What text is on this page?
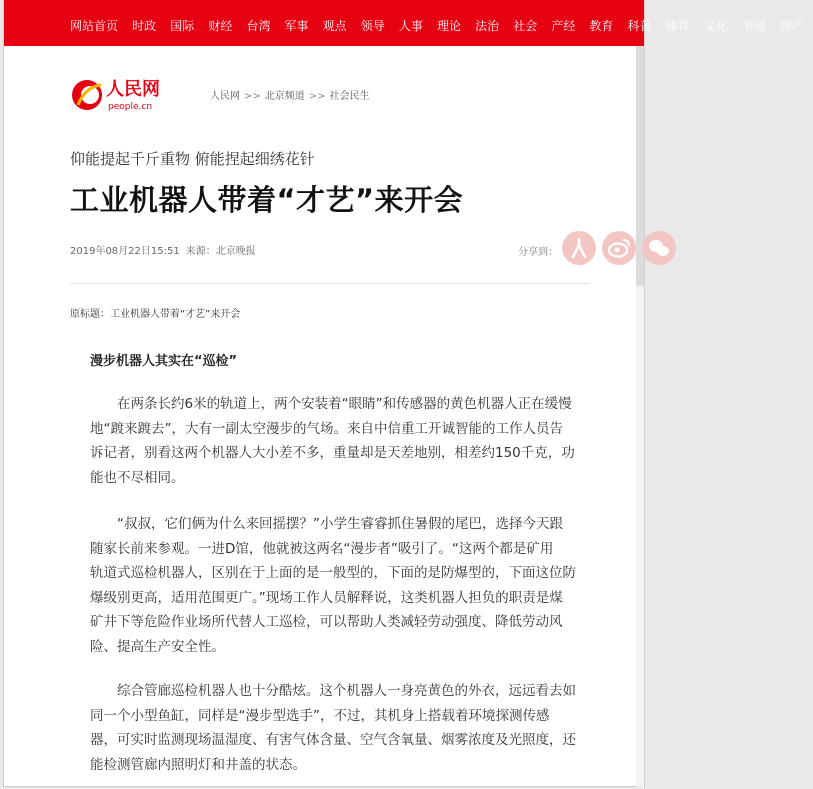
网站首页 时政 国际 财经 台湾 军事 观点 领导 人事 理论 法治 社会 产经 教育 科普 体育 文化 书画 房产
人民网
people.cn
人民网 >> 北京频道 >> 社会民生
仰能提起千斤重物 俯能捏起细绣花针
工业机器人带着“才艺”来开会
2019年08月22日15:51 来源：北京晚报	分享到：
原标题：工业机器人带着“才艺”来开会
漫步机器人其实在“巡检”

在两条长约6米的轨道上，两个安装着“眼睛”和传感器的黄色机器人正在缓慢
地“踱来踱去”，大有一副太空漫步的气场。来自中信重工开诚智能的工作人员告
诉记者，别看这两个机器人大小差不多，重量却是天差地别，相差约150千克，功
能也不尽相同。

“叔叔，它们俩为什么来回摇摆？”小学生睿睿抓住暑假的尾巴，选择今天跟
随家长前来参观。一进D馆，他就被这两名“漫步者”吸引了。“这两个都是矿用
轨道式巡检机器人，区别在于上面的是一般型的，下面的是防爆型的，下面这位防
爆级别更高，适用范围更广。”现场工作人员解释说，这类机器人担负的职责是煤
矿井下等危险作业场所代替人工巡检，可以帮助人类减轻劳动强度、降低劳动风
险、提高生产安全性。

综合管廊巡检机器人也十分酷炫。这个机器人一身亮黄色的外衣，远远看去如
同一个小型鱼缸，同样是“漫步型选手”，不过，其机身上搭载着环境探测传感
器，可实时监测现场温湿度、有害气体含量、空气含氧量、烟雾浓度及光照度，还
能检测管廊内照明灯和井盖的状态。
